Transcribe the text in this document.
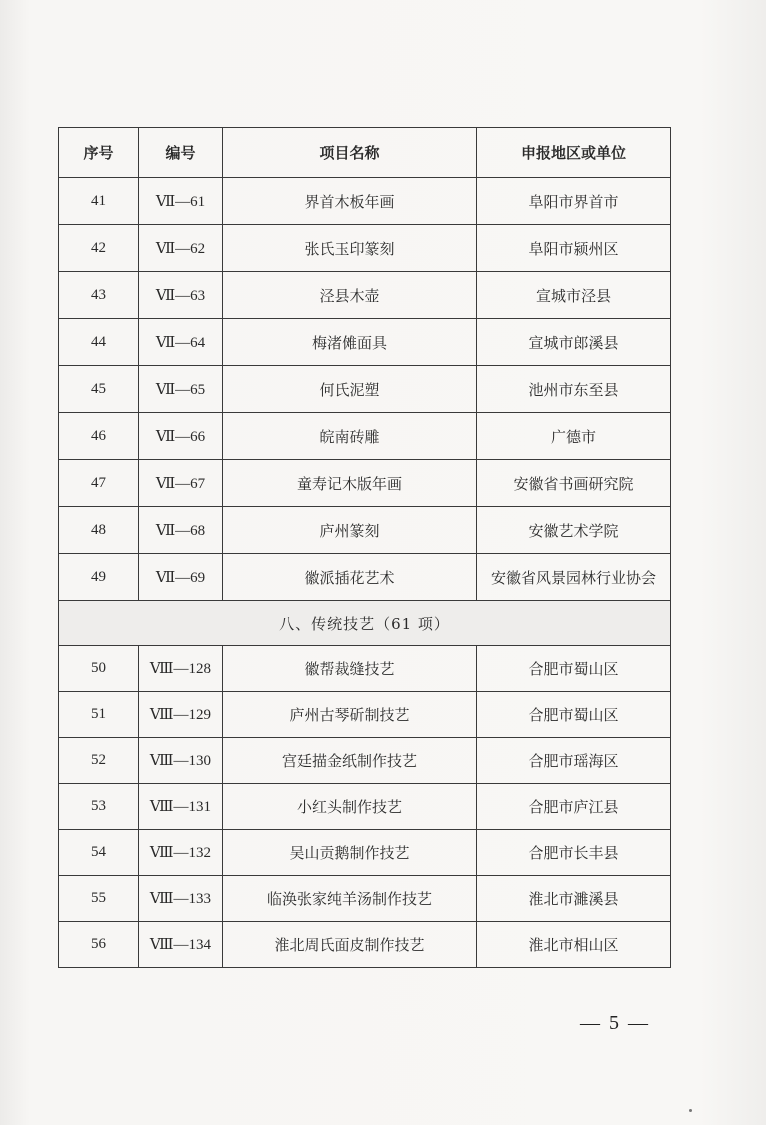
序号	编号	项目名称	申报地区或单位
41	Ⅶ—61	界首木板年画	阜阳市界首市
42	Ⅶ—62	张氏玉印篆刻	阜阳市颍州区
43	Ⅶ—63	泾县木壶	宣城市泾县
44	Ⅶ—64	梅渚傩面具	宣城市郎溪县
45	Ⅶ—65	何氏泥塑	池州市东至县
46	Ⅶ—66	皖南砖雕	广德市
47	Ⅶ—67	童寿记木版年画	安徽省书画研究院
48	Ⅶ—68	庐州篆刻	安徽艺术学院
49	Ⅶ—69	徽派插花艺术	安徽省风景园林行业协会
八、传统技艺（61 项）			
50	Ⅷ—128	徽帮裁缝技艺	合肥市蜀山区
51	Ⅷ—129	庐州古琴斫制技艺	合肥市蜀山区
52	Ⅷ—130	宫廷描金纸制作技艺	合肥市瑶海区
53	Ⅷ—131	小红头制作技艺	合肥市庐江县
54	Ⅷ—132	吴山贡鹅制作技艺	合肥市长丰县
55	Ⅷ—133	临涣张家纯羊汤制作技艺	淮北市濉溪县
56	Ⅷ—134	淮北周氏面皮制作技艺	淮北市相山区
— 5 —
